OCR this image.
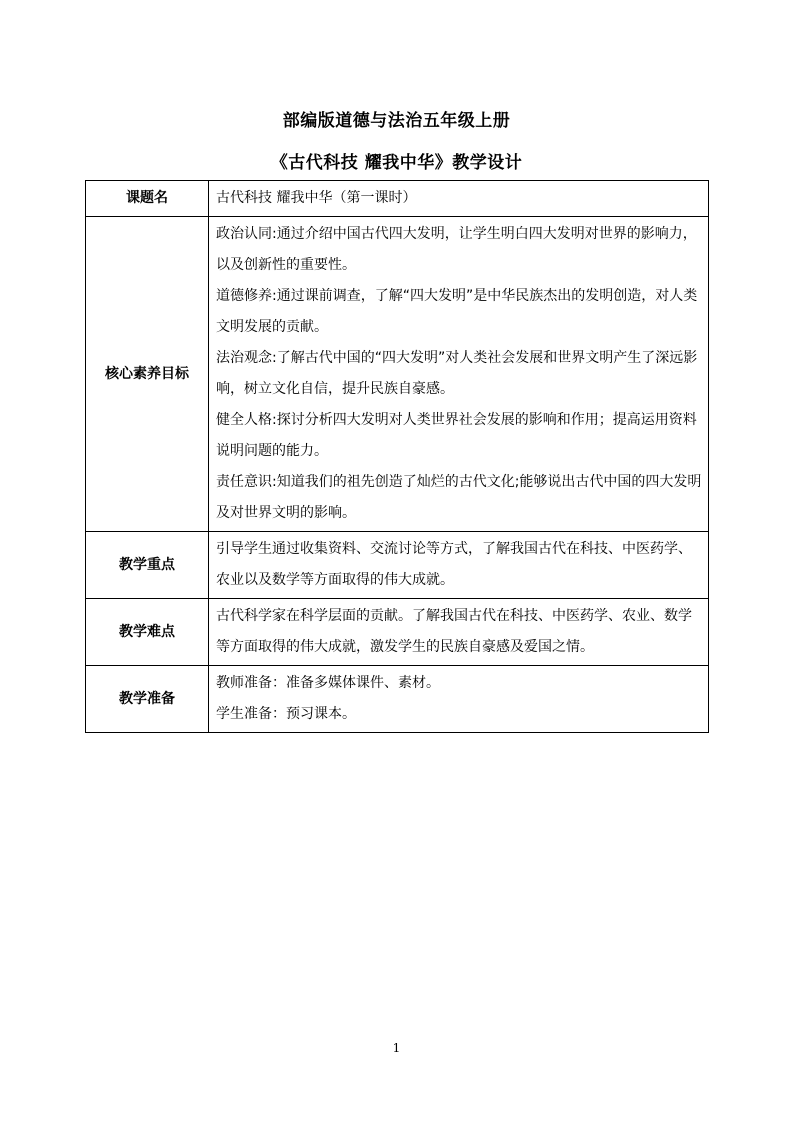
部编版道德与法治五年级上册
《古代科技 耀我中华》教学设计
课题名	古代科技 耀我中华（第一课时）

核心素养目标	政治认同:通过介绍中国古代四大发明，让学生明白四大发明对世界的影响力，以及创新性的重要性。

道德修养:通过课前调查，了解“四大发明”是中华民族杰出的发明创造，对人类文明发展的贡献。

法治观念:了解古代中国的“四大发明”对人类社会发展和世界文明产生了深远影响，树立文化自信，提升民族自豪感。

健全人格:探讨分析四大发明对人类世界社会发展的影响和作用；提高运用资料说明问题的能力。

责任意识:知道我们的祖先创造了灿烂的古代文化;能够说出古代中国的四大发明及对世界文明的影响。

教学重点	引导学生通过收集资料、交流讨论等方式，了解我国古代在科技、中医药学、农业以及数学等方面取得的伟大成就。

教学难点	古代科学家在科学层面的贡献。了解我国古代在科技、中医药学、农业、数学等方面取得的伟大成就，激发学生的民族自豪感及爱国之情。

教学准备	教师准备：准备多媒体课件、素材。

学生准备：预习课本。

1
